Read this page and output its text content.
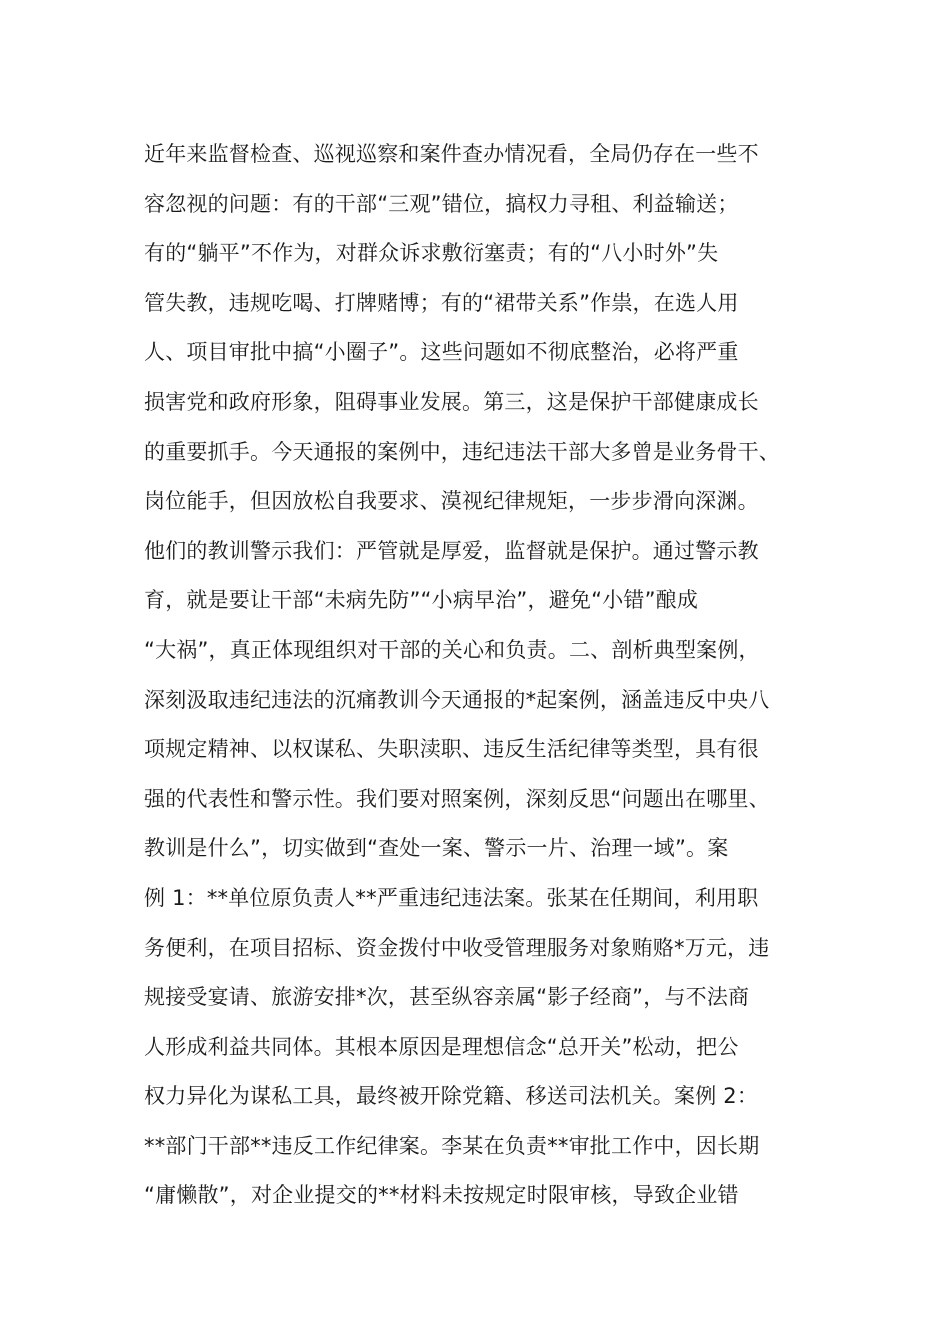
近年来监督检查、巡视巡察和案件查办情况看，全局仍存在一些不
容忽视的问题：有的干部“三观”错位，搞权力寻租、利益输送；
有的“躺平”不作为，对群众诉求敷衍塞责；有的“八小时外”失
管失教，违规吃喝、打牌赌博；有的“裙带关系”作祟，在选人用
人、项目审批中搞“小圈子”。这些问题如不彻底整治，必将严重
损害党和政府形象，阻碍事业发展。第三，这是保护干部健康成长
的重要抓手。今天通报的案例中，违纪违法干部大多曾是业务骨干、
岗位能手，但因放松自我要求、漠视纪律规矩，一步步滑向深渊。
他们的教训警示我们：严管就是厚爱，监督就是保护。通过警示教
育，就是要让干部“未病先防”“小病早治”，避免“小错”酿成
“大祸”，真正体现组织对干部的关心和负责。二、剖析典型案例，
深刻汲取违纪违法的沉痛教训今天通报的*起案例，涵盖违反中央八
项规定精神、以权谋私、失职渎职、违反生活纪律等类型，具有很
强的代表性和警示性。我们要对照案例，深刻反思“问题出在哪里、
教训是什么”，切实做到“查处一案、警示一片、治理一域”。案
例 1：**单位原负责人**严重违纪违法案。张某在任期间，利用职
务便利，在项目招标、资金拨付中收受管理服务对象贿赂*万元，违
规接受宴请、旅游安排*次，甚至纵容亲属“影子经商”，与不法商
人形成利益共同体。其根本原因是理想信念“总开关”松动，把公
权力异化为谋私工具，最终被开除党籍、移送司法机关。案例 2：
**部门干部**违反工作纪律案。李某在负责**审批工作中，因长期
“庸懒散”，对企业提交的**材料未按规定时限审核，导致企业错
